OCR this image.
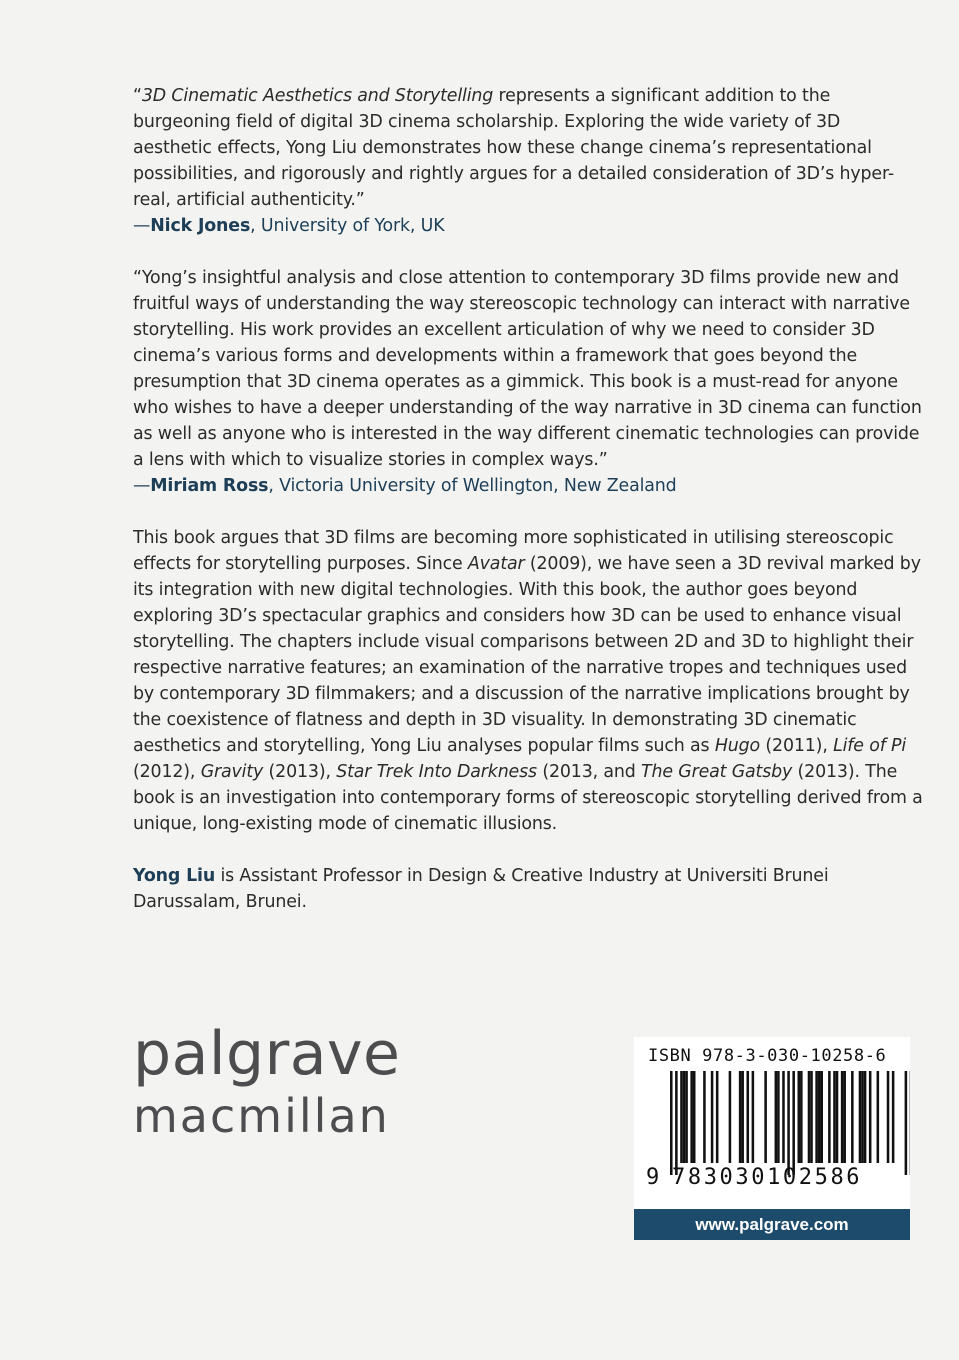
“3D Cinematic Aesthetics and Storytelling represents a significant addition to the burgeoning field of digital 3D cinema scholarship. Exploring the wide variety of 3D aesthetic effects, Yong Liu demonstrates how these change cinema’s representational possibilities, and rigorously and rightly argues for a detailed consideration of 3D’s hyper-real, artificial authenticity.”

—Nick Jones, University of York, UK

“Yong’s insightful analysis and close attention to contemporary 3D films provide new and fruitful ways of understanding the way stereoscopic technology can interact with narrative storytelling. His work provides an excellent articulation of why we need to consider 3D cinema’s various forms and developments within a framework that goes beyond the presumption that 3D cinema operates as a gimmick. This book is a must-read for anyone who wishes to have a deeper understanding of the way narrative in 3D cinema can function as well as anyone who is interested in the way different cinematic technologies can provide a lens with which to visualize stories in complex ways.”

—Miriam Ross, Victoria University of Wellington, New Zealand

This book argues that 3D films are becoming more sophisticated in utilising stereoscopic effects for storytelling purposes. Since Avatar (2009), we have seen a 3D revival marked by its integration with new digital technologies. With this book, the author goes beyond exploring 3D’s spectacular graphics and considers how 3D can be used to enhance visual storytelling. The chapters include visual comparisons between 2D and 3D to highlight their respective narrative features; an examination of the narrative tropes and techniques used by contemporary 3D filmmakers; and a discussion of the narrative implications brought by the coexistence of flatness and depth in 3D visuality. In demonstrating 3D cinematic aesthetics and storytelling, Yong Liu analyses popular films such as Hugo (2011), Life of Pi (2012), Gravity (2013), Star Trek Into Darkness (2013, and The Great Gatsby (2013). The book is an investigation into contemporary forms of stereoscopic storytelling derived from a unique, long-existing mode of cinematic illusions.

Yong Liu is Assistant Professor in Design & Creative Industry at Universiti Brunei Darussalam, Brunei.

palgrave
macmillan
ISBN 978-3-030-10258-6
9 783030102586
www.palgrave.com
